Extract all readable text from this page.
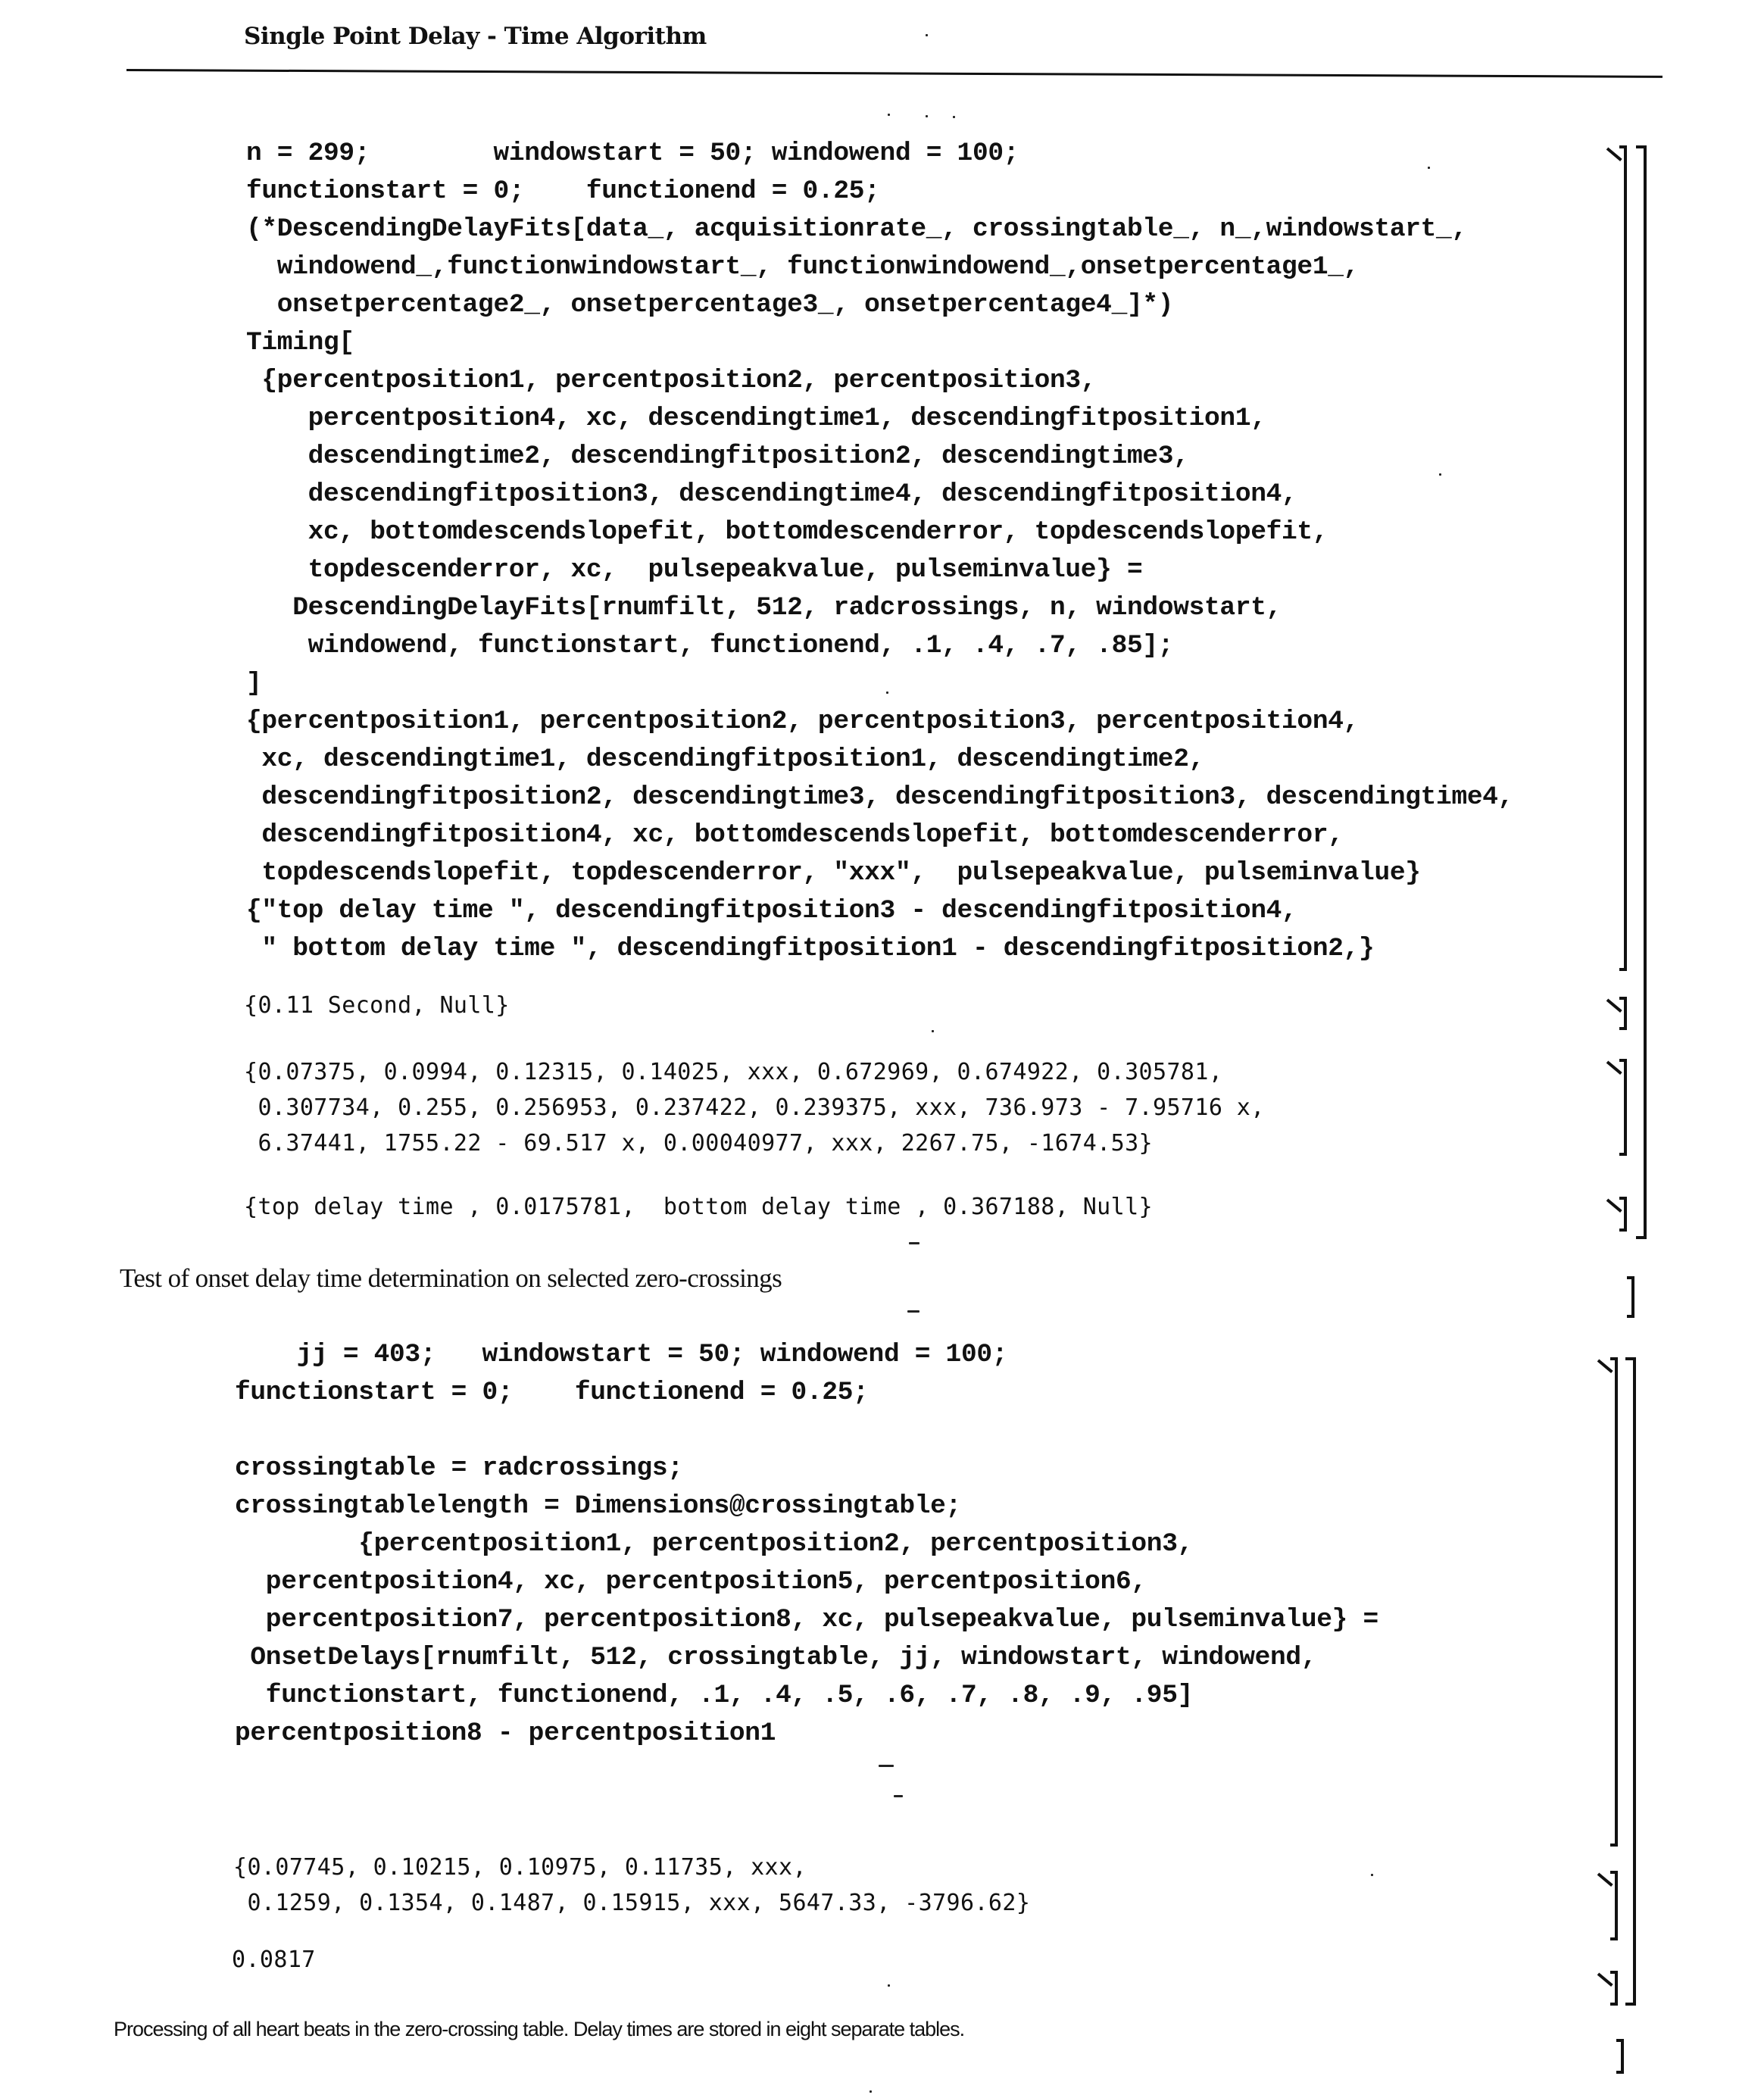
Single Point Delay - Time Algorithm
n = 299;        windowstart = 50; windowend = 100;
functionstart = 0;    functionend = 0.25;
(*DescendingDelayFits[data_, acquisitionrate_, crossingtable_, n_,windowstart_,
windowend_,functionwindowstart_, functionwindowend_,onsetpercentage1_,
onsetpercentage2_, onsetpercentage3_, onsetpercentage4_]*)
Timing[
{percentposition1, percentposition2, percentposition3,
percentposition4, xc, descendingtime1, descendingfitposition1,
descendingtime2, descendingfitposition2, descendingtime3,
descendingfitposition3, descendingtime4, descendingfitposition4,
xc, bottomdescendslopefit, bottomdescenderror, topdescendslopefit,
topdescenderror, xc,  pulsepeakvalue, pulseminvalue} =
DescendingDelayFits[rnumfilt, 512, radcrossings, n, windowstart,
windowend, functionstart, functionend, .1, .4, .7, .85];
]
{percentposition1, percentposition2, percentposition3, percentposition4,
xc, descendingtime1, descendingfitposition1, descendingtime2,
descendingfitposition2, descendingtime3, descendingfitposition3, descendingtime4,
descendingfitposition4, xc, bottomdescendslopefit, bottomdescenderror,
topdescendslopefit, topdescenderror, "xxx",  pulsepeakvalue, pulseminvalue}
{"top delay time ", descendingfitposition3 - descendingfitposition4,
" bottom delay time ", descendingfitposition1 - descendingfitposition2,}
{0.11 Second, Null}
{0.07375, 0.0994, 0.12315, 0.14025, xxx, 0.672969, 0.674922, 0.305781,
0.307734, 0.255, 0.256953, 0.237422, 0.239375, xxx, 736.973 - 7.95716 x,
6.37441, 1755.22 - 69.517 x, 0.00040977, xxx, 2267.75, -1674.53}
{top delay time , 0.0175781,  bottom delay time , 0.367188, Null}
Test of onset delay time determination on selected zero-crossings
jj = 403;   windowstart = 50; windowend = 100;
functionstart = 0;    functionend = 0.25;

crossingtable = radcrossings;
crossingtablelength = Dimensions@crossingtable;
{percentposition1, percentposition2, percentposition3,
percentposition4, xc, percentposition5, percentposition6,
percentposition7, percentposition8, xc, pulsepeakvalue, pulseminvalue} =
OnsetDelays[rnumfilt, 512, crossingtable, jj, windowstart, windowend,
functionstart, functionend, .1, .4, .5, .6, .7, .8, .9, .95]
percentposition8 - percentposition1
{0.07745, 0.10215, 0.10975, 0.11735, xxx,
0.1259, 0.1354, 0.1487, 0.15915, xxx, 5647.33, -3796.62}
0.0817
Processing of all heart beats in the zero-crossing table. Delay times are stored in eight separate tables.
